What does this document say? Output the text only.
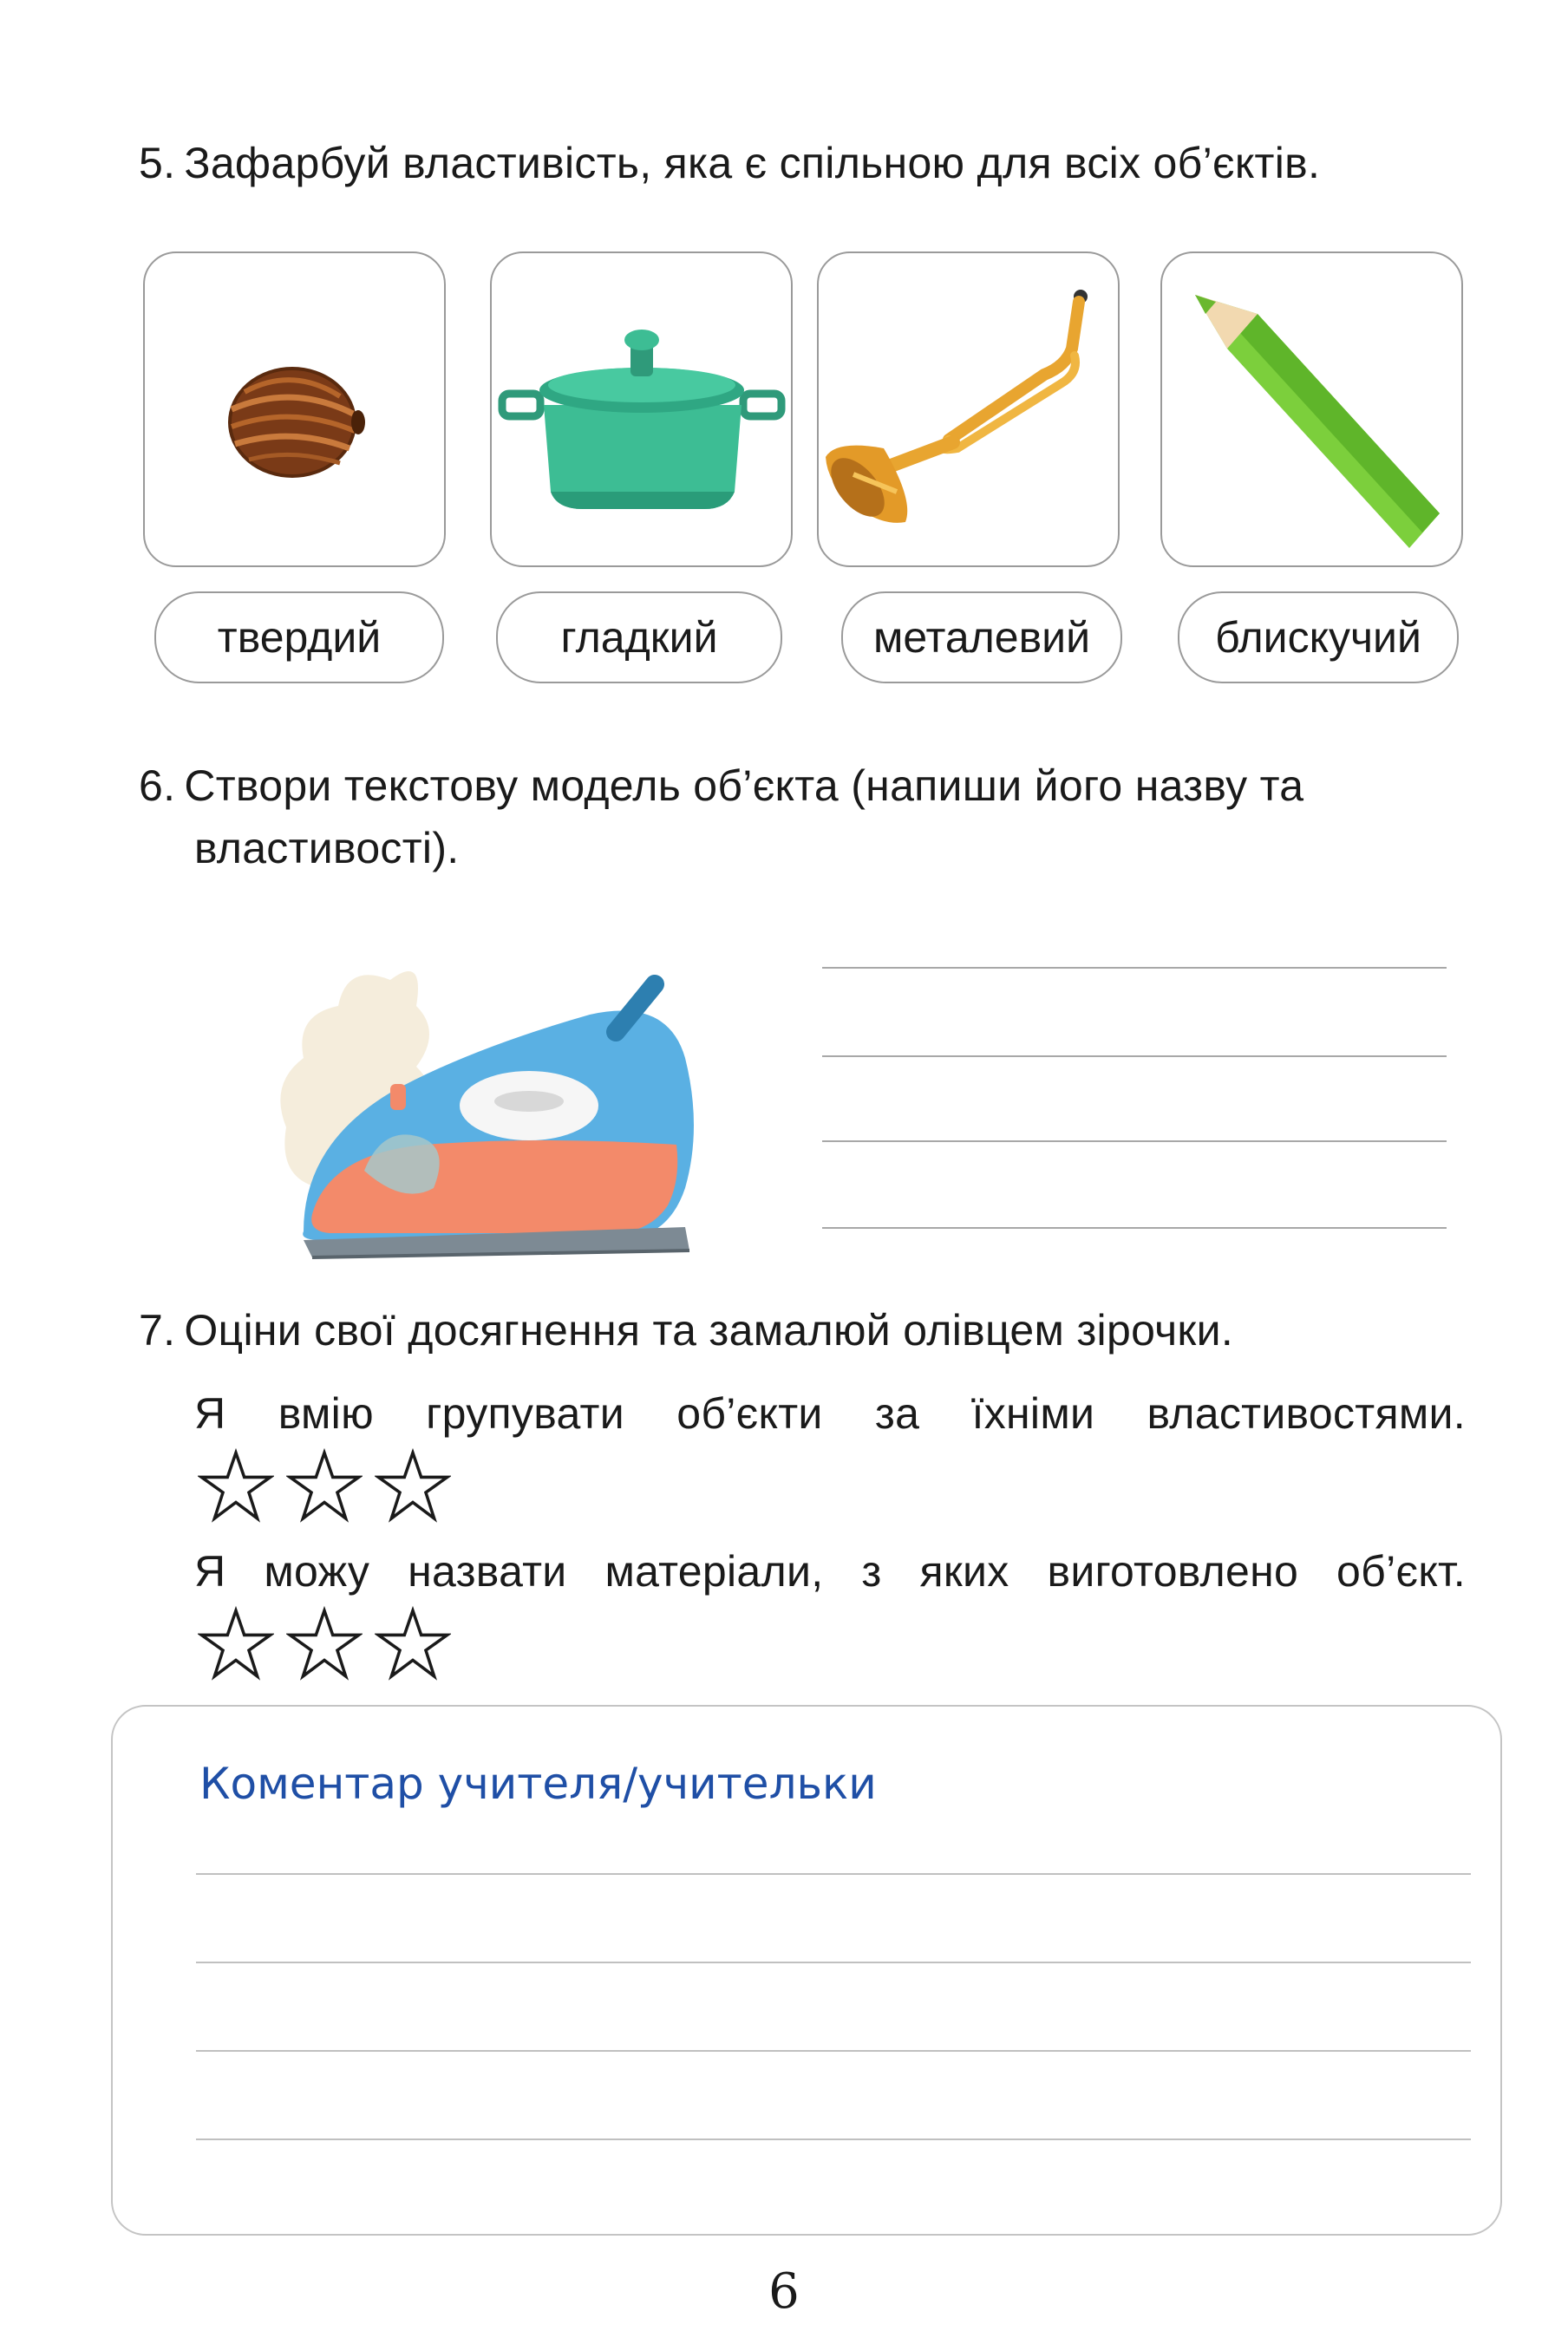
5. Зафарбуй властивість, яка є спільною для всіх об’єктів.
твердий	гладкий	металевий	блискучий
6. Створи текстову модель об’єкта (напиши його назву та
властивості).
7. Оціни свої досягнення та замалюй олівцем зірочки.
Я вмію групувати об’єкти за їхніми властивостями.
Я можу назвати матеріали, з яких виготовлено об’єкт.
Коментар учителя/учительки
6
